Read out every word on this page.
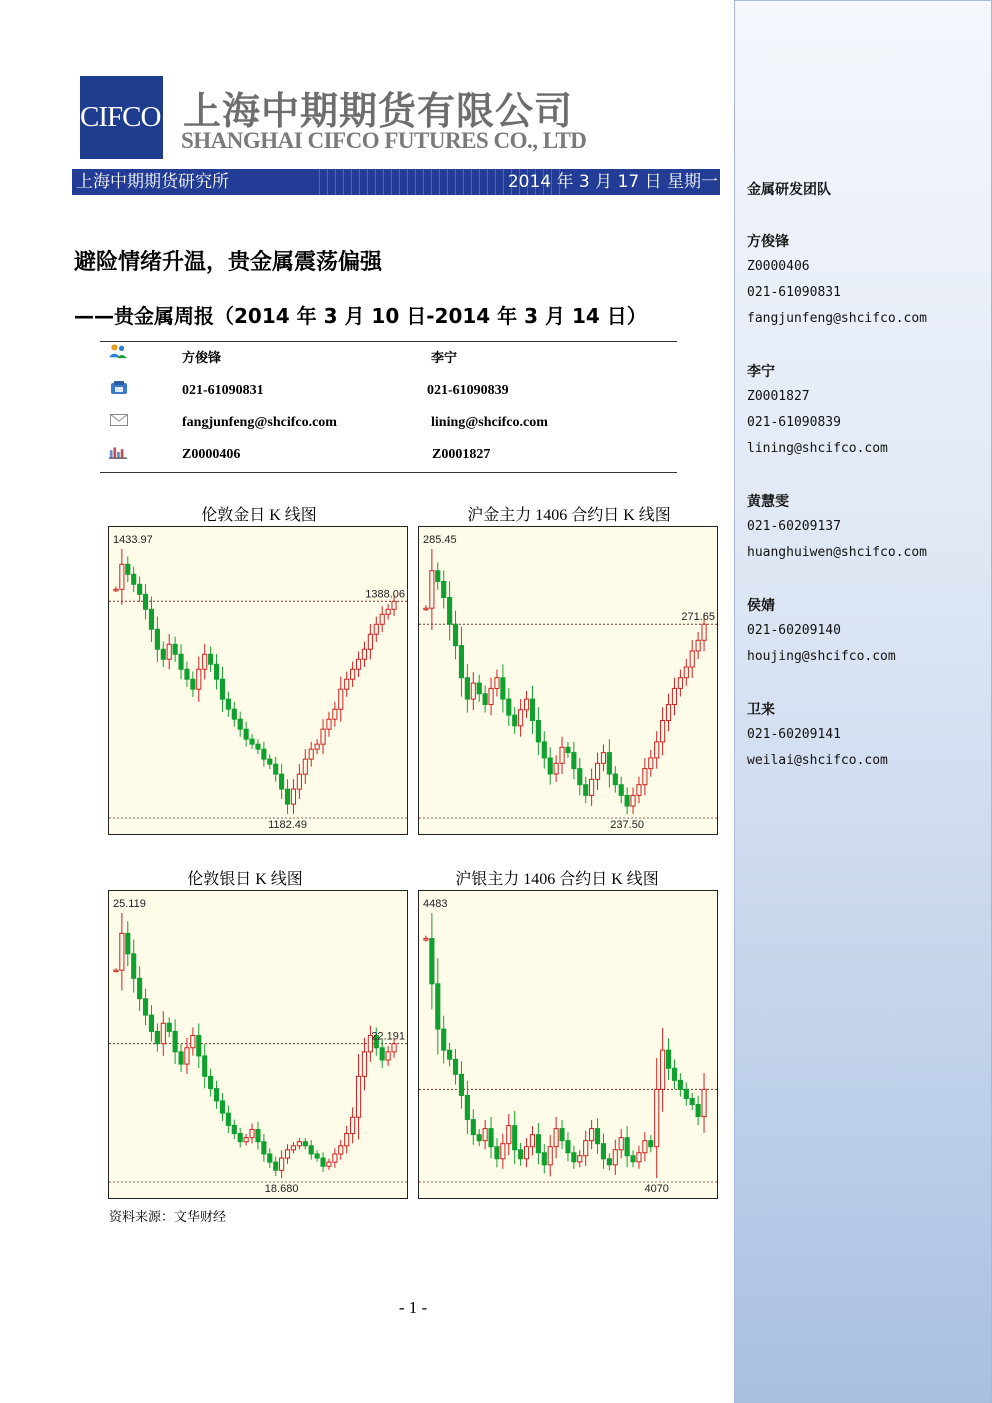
CIFCO 上海中期期货有限公司
SHANGHAI CIFCO FUTURES CO., LTD
上海中期期货研究所	2014 年 3 月 17 日 星期一
避险情绪升温，贵金属震荡偏强
——贵金属周报（2014 年 3 月 10 日-2014 年 3 月 14 日）
方俊锋	李宁
021-61090831	021-61090839
fangjunfeng@shcifco.com	lining@shcifco.com
Z0000406	Z0001827
伦敦金日 K 线图	沪金主力 1406 合约日 K 线图
伦敦银日 K 线图	沪银主力 1406 合约日 K 线图
1433.97
1388.06
1182.49
285.45
271.65
237.50
25.119
22.191
18.680
4483
4070
资料来源：文华财经
- 1 -
金属研发团队
方俊锋
Z0000406
021-61090831
fangjunfeng@shcifco.com
李宁
Z0001827
021-61090839
lining@shcifco.com
黄慧雯
021-60209137
huanghuiwen@shcifco.com
侯婧
021-60209140
houjing@shcifco.com
卫来
021-60209141
weilai@shcifco.com
